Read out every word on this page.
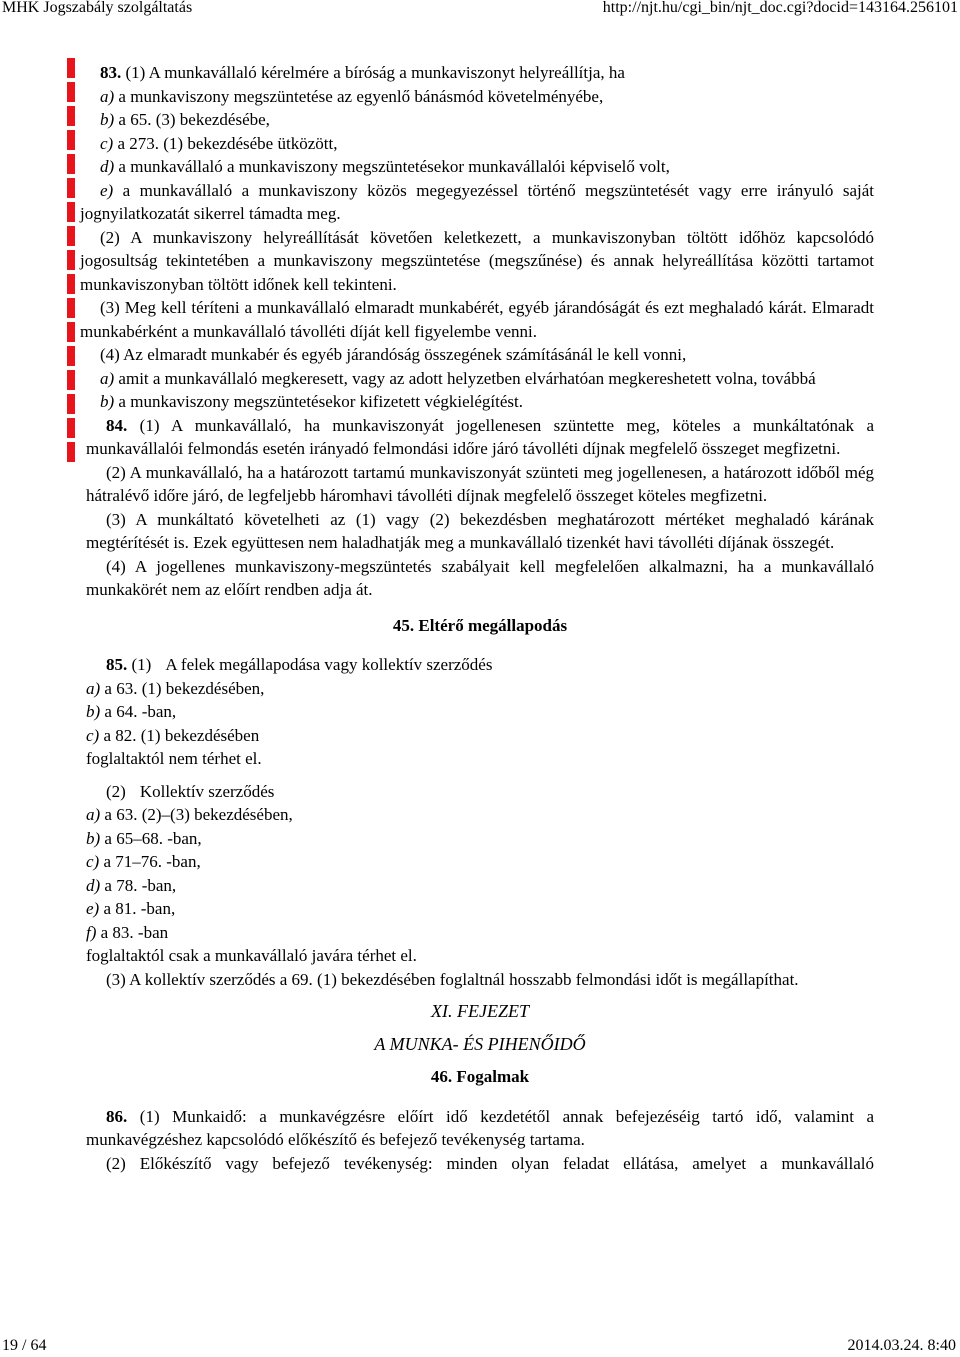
MHK Jogszabály szolgáltatás	http://njt.hu/cgi_bin/njt_doc.cgi?docid=143164.256101

83. (1) A munkavállaló kérelmére a bíróság a munkaviszonyt helyreállítja, ha

a) a munkaviszony megszüntetése az egyenlő bánásmód követelményébe,

b) a 65. (3) bekezdésébe,

c) a 273. (1) bekezdésébe ütközött,

d) a munkavállaló a munkaviszony megszüntetésekor munkavállalói képviselő volt,

e) a munkavállaló a munkaviszony közös megegyezéssel történő megszüntetését vagy erre irányuló saját jognyilatkozatát sikerrel támadta meg.

(2) A munkaviszony helyreállítását követően keletkezett, a munkaviszonyban töltött időhöz kapcsolódó jogosultság tekintetében a munkaviszony megszüntetése (megszűnése) és annak helyreállítása közötti tartamot munkaviszonyban töltött időnek kell tekinteni.

(3) Meg kell téríteni a munkavállaló elmaradt munkabérét, egyéb járandóságát és ezt meghaladó kárát. Elmaradt munkabérként a munkavállaló távolléti díját kell figyelembe venni.

(4) Az elmaradt munkabér és egyéb járandóság összegének számításánál le kell vonni,

a) amit a munkavállaló megkeresett, vagy az adott helyzetben elvárhatóan megkereshetett volna, továbbá

b) a munkaviszony megszüntetésekor kifizetett végkielégítést.

84. (1) A munkavállaló, ha munkaviszonyát jogellenesen szüntette meg, köteles a munkáltatónak a munkavállalói felmondás esetén irányadó felmondási időre járó távolléti díjnak megfelelő összeget megfizetni.

(2) A munkavállaló, ha a határozott tartamú munkaviszonyát szünteti meg jogellenesen, a határozott időből még hátralévő időre járó, de legfeljebb háromhavi távolléti díjnak megfelelő összeget köteles megfizetni.

(3) A munkáltató követelheti az (1) vagy (2) bekezdésben meghatározott mértéket meghaladó kárának megtérítését is. Ezek együttesen nem haladhatják meg a munkavállaló tizenkét havi távolléti díjának összegét.

(4) A jogellenes munkaviszony-megszüntetés szabályait kell megfelelően alkalmazni, ha a munkavállaló munkakörét nem az előírt rendben adja át.

45. Eltérő megállapodás

85. (1) A felek megállapodása vagy kollektív szerződés

a) a 63. (1) bekezdésében,

b) a 64. -ban,

c) a 82. (1) bekezdésében

foglaltaktól nem térhet el.

(2) Kollektív szerződés

a) a 63. (2)–(3) bekezdésében,

b) a 65–68. -ban,

c) a 71–76. -ban,

d) a 78. -ban,

e) a 81. -ban,

f) a 83. -ban

foglaltaktól csak a munkavállaló javára térhet el.

(3) A kollektív szerződés a 69. (1) bekezdésében foglaltnál hosszabb felmondási időt is megállapíthat.

XI. FEJEZET

A MUNKA- ÉS PIHENŐIDŐ

46. Fogalmak

86. (1) Munkaidő: a munkavégzésre előírt idő kezdetétől annak befejezéséig tartó idő, valamint a munkavégzéshez kapcsolódó előkészítő és befejező tevékenység tartama.

(2) Előkészítő vagy befejező tevékenység: minden olyan feladat ellátása, amelyet a munkavállaló

19 / 64	2014.03.24. 8:40
